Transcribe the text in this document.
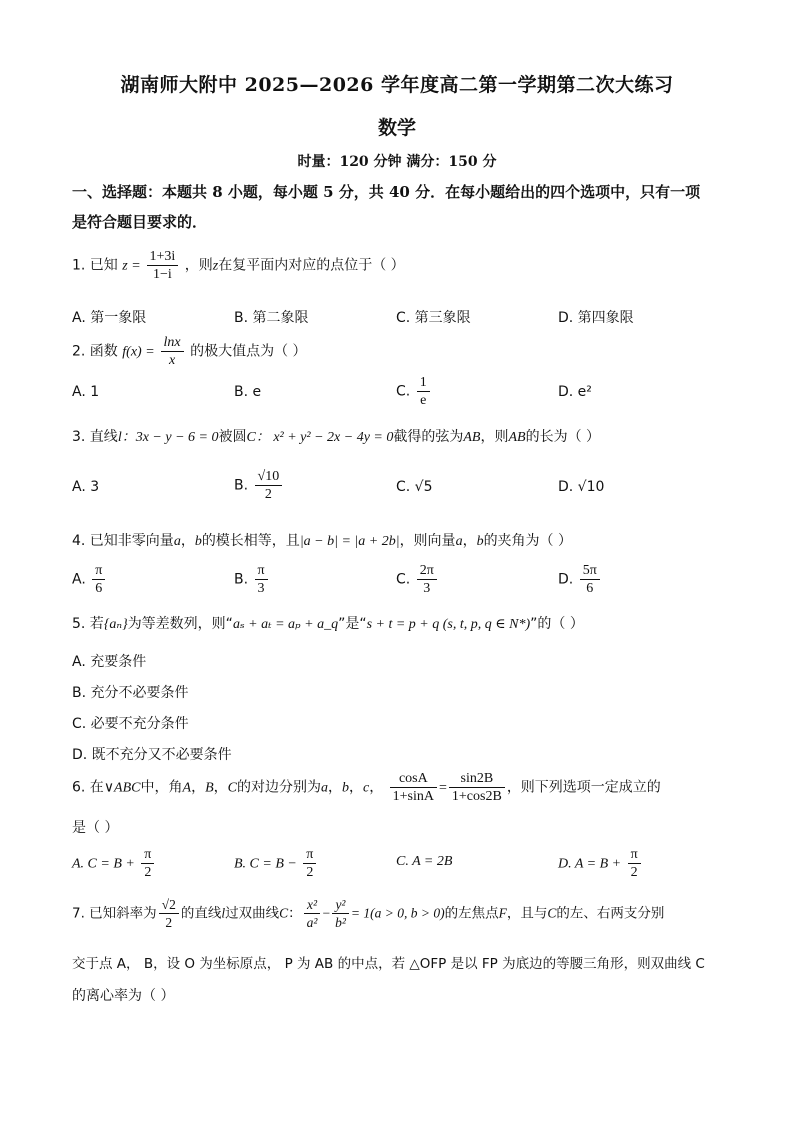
湖南师大附中 2025—2026 学年度高二第一学期第二次大练习
数学
时量：120 分钟 满分：150 分
一、选择题：本题共 8 小题，每小题 5 分，共 40 分．在每小题给出的四个选项中，只有一项
是符合题目要求的．
1. 已知 $z = \frac{1+3i}{1-i}$ ，则z在复平面内对应的点位于（ ）
A. 第一象限	B. 第二象限	C. 第三象限	D. 第四象限
2. 函数 $f(x) = \frac{\ln x}{x}$ 的极大值点为（ ）
A. 1	B. e	C. $\frac{1}{e}$	D. e²
3. 直线l：3x − y − 6 = 0被圆C： x² + y² − 2x − 4y = 0截得的弦为AB，则AB的长为（ ）
A. 3	B. $\frac{√10}{2}$	C. √5	D. √10
4. 已知非零向量a，b的模长相等，且|a − b| = |a + 2b|，则向量a，b的夹角为（ ）
A. $\frac{\pi}{6}$	B. $\frac{\pi}{3}$	C. $\frac{2\pi}{3}$	D. $\frac{5\pi}{6}$
5. 若{aₙ}为等差数列，则“aₛ + aₜ = aₚ + a_q”是“s + t = p + q (s, t, p, q ∈ N*)”的（ ）
A. 充要条件
B. 充分不必要条件
C. 必要不充分条件
D. 既不充分又不必要条件
6. 在∨ABC中，角A，B，C的对边分别为a，b，c， $\frac{\cos A}{1+\sin A} = \frac{\sin 2B}{1+\cos 2B}$ ，则下列选项一定成立的
是（ ）
A. $C = B + \frac{\pi}{2}$	B. $C = B - \frac{\pi}{2}$	C. A = 2B	D. $A = B + \frac{\pi}{2}$
7. 已知斜率为 $\frac{√2}{2}$ 的直线l过双曲线C： $\frac{\text{x²}}{\text{a²}} - \frac{\text{y²}}{\text{b²}} = 1(a > 0$, b > 0)的左焦点F，且与C的左、右两支分别
交于点 A， B，设 O 为坐标原点， P 为 AB 的中点，若 △OFP 是以 FP 为底边的等腰三角形，则双曲线 C
的离心率为（ ）
